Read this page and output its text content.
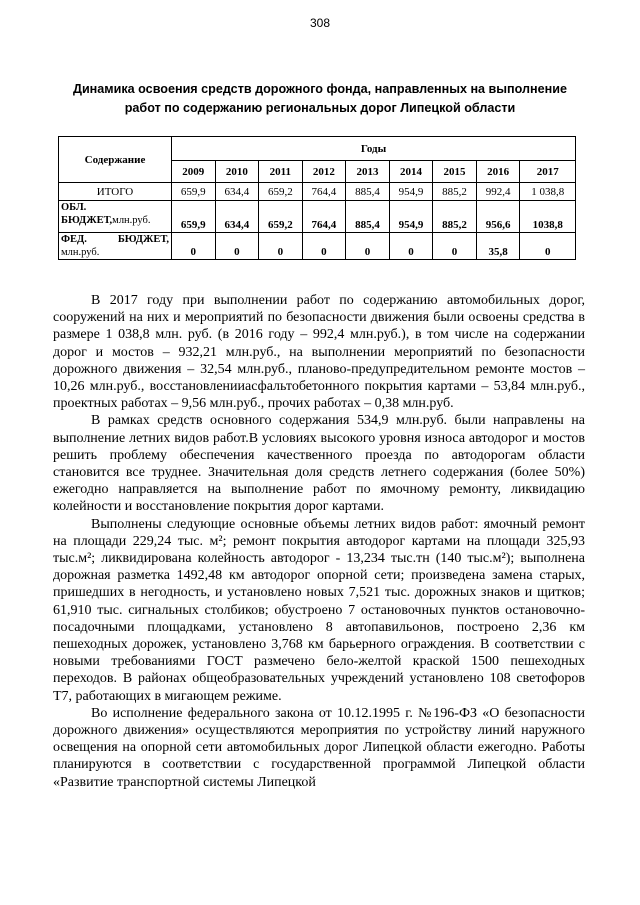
308
Динамика освоения средств дорожного фонда, направленных на выполнение
работ по содержанию региональных дорог Липецкой области
Содержание	Годы								
	2009	2010	2011	2012	2013	2014	2015	2016	2017
ИТОГО	659,9	634,4	659,2	764,4	885,4	954,9	885,2	992,4	1 038,8

ОБЛ.
БЮДЖЕТ,млн.руб.	659,9	634,4	659,2	764,4	885,4	954,9	885,2	956,6	1038,8

ФЕД. БЮДЖЕТ,
млн.руб.	0	0	0	0	0	0	0	35,8	0

В 2017 году при выполнении работ по содержанию автомобильных дорог, сооружений на них и мероприятий по безопасности движения были освоены средства в размере 1 038,8 млн. руб. (в 2016 году – 992,4 млн.руб.), в том числе на содержании дорог и мостов – 932,21 млн.руб., на выполнении мероприятий по безопасности дорожного движения – 32,54 млн.руб., планово-предупредительном ремонте мостов – 10,26 млн.руб., восстановленииасфальтобетонного покрытия картами – 53,84 млн.руб., проектных работах – 9,56 млн.руб., прочих работах – 0,38 млн.руб.

В рамках средств основного содержания 534,9 млн.руб. были направлены на выполнение летних видов работ.В условиях высокого уровня износа автодорог и мостов решить проблему обеспечения качественного проезда по автодорогам области становится все труднее. Значительная доля средств летнего содержания (более 50%) ежегодно направляется на выполнение работ по ямочному ремонту, ликвидацию колейности и восстановление покрытия дорог картами.

Выполнены следующие основные объемы летних видов работ: ямочный ремонт на площади 229,24 тыс. м²; ремонт покрытия автодорог картами на площади 325,93 тыс.м²; ликвидирована колейность автодорог - 13,234 тыс.тн (140 тыс.м²); выполнена дорожная разметка 1492,48 км автодорог опорной сети; произведена замена старых, пришедших в негодность, и установлено новых 7,521 тыс. дорожных знаков и щитков; 61,910 тыс. сигнальных столбиков; обустроено 7 остановочных пунктов остановочно-посадочными площадками, установлено 8 автопавильонов, построено 2,36 км пешеходных дорожек, установлено 3,768 км барьерного ограждения. В соответствии с новыми требованиями ГОСТ размечено бело-желтой краской 1500 пешеходных переходов. В районах общеобразовательных учреждений установлено 108 светофоров Т7, работающих в мигающем режиме.

Во исполнение федерального закона от 10.12.1995 г. №196-ФЗ «О безопасности дорожного движения» осуществляются мероприятия по устройству линий наружного освещения на опорной сети автомобильных дорог Липецкой области ежегодно. Работы планируются в соответствии с государственной программой Липецкой области «Развитие транспортной системы Липецкой
